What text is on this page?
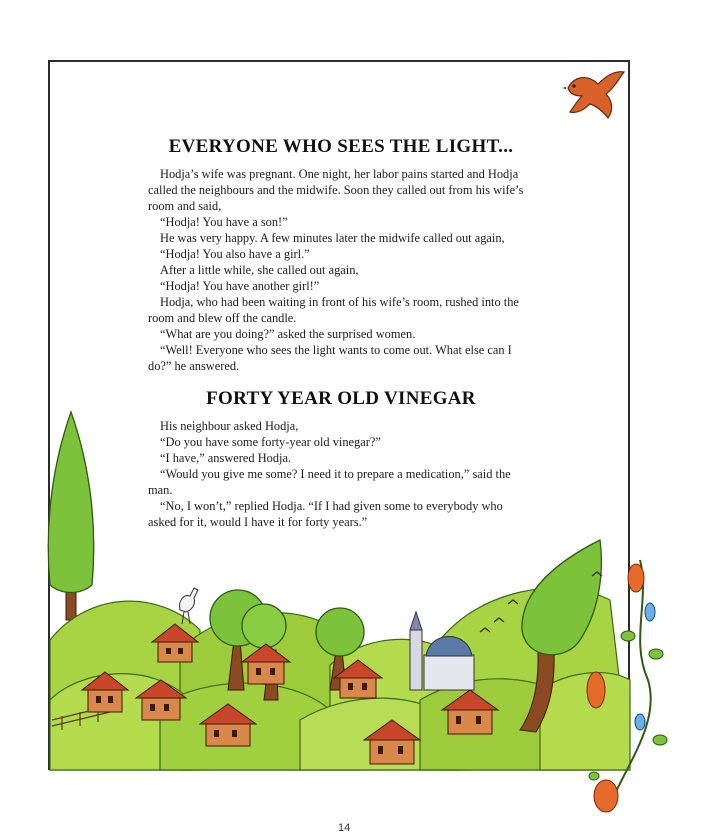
EVERYONE WHO SEES THE LIGHT...

Hodja’s wife was pregnant. One night, her labor pains started and Hodja called the neighbours and the midwife. Soon they called out from his wife’s room and said,

“Hodja! You have a son!”

He was very happy. A few minutes later the midwife called out again,

“Hodja! You also have a girl.”

After a little while, she called out again,

“Hodja! You have another girl!”

Hodja, who had been waiting in front of his wife’s room, rushed into the room and blew off the candle.

“What are you doing?” asked the surprised women.

“Well! Everyone who sees the light wants to come out. What else can I do?” he answered.

FORTY YEAR OLD VINEGAR

His neighbour asked Hodja,

“Do you have some forty-year old vinegar?”

“I have,” answered Hodja.

“Would you give me some? I need it to prepare a medication,” said the man.

“No, I won’t,” replied Hodja. “If I had given some to everybody who asked for it, would I have it for forty years.”

14
